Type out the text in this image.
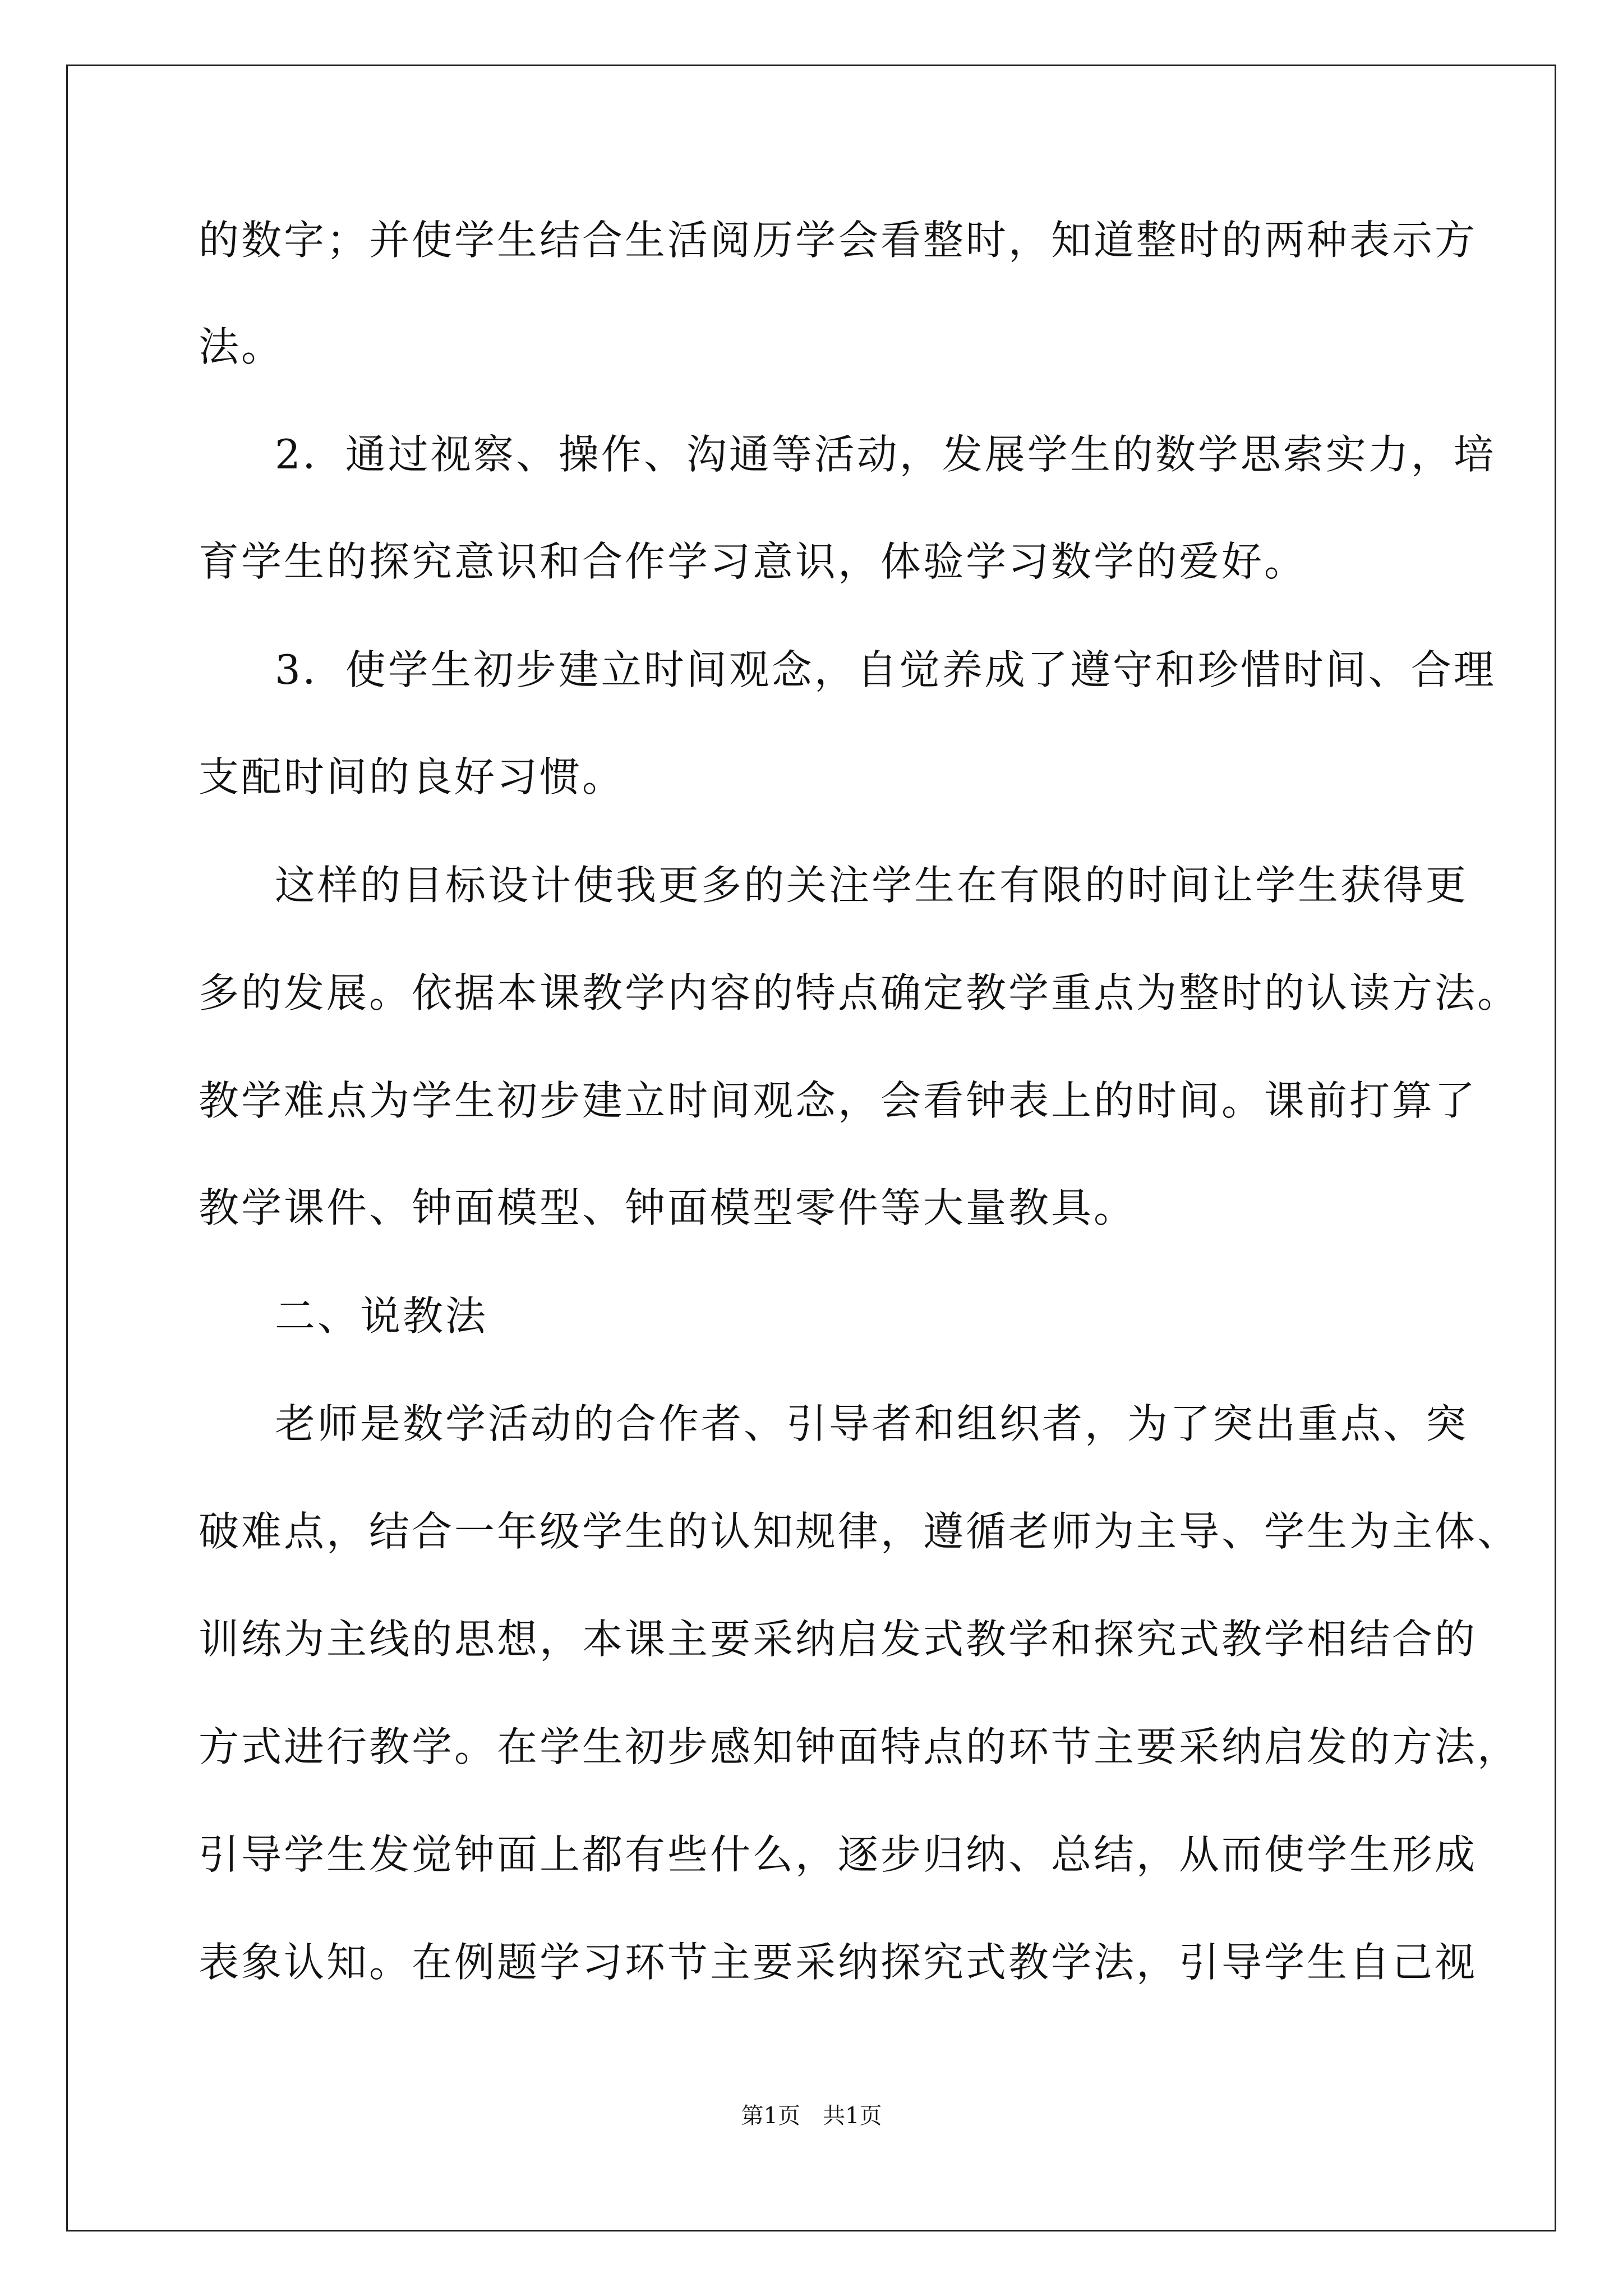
的数字；并使学生结合生活阅历学会看整时，知道整时的两种表示方
法。
2．通过视察、操作、沟通等活动，发展学生的数学思索实力，培
育学生的探究意识和合作学习意识，体验学习数学的爱好。
3．使学生初步建立时间观念，自觉养成了遵守和珍惜时间、合理
支配时间的良好习惯。
这样的目标设计使我更多的关注学生在有限的时间让学生获得更
多的发展。依据本课教学内容的特点确定教学重点为整时的认读方法。
教学难点为学生初步建立时间观念，会看钟表上的时间。课前打算了
教学课件、钟面模型、钟面模型零件等大量教具。
二、说教法
老师是数学活动的合作者、引导者和组织者，为了突出重点、突
破难点，结合一年级学生的认知规律，遵循老师为主导、学生为主体、
训练为主线的思想，本课主要采纳启发式教学和探究式教学相结合的
方式进行教学。在学生初步感知钟面特点的环节主要采纳启发的方法，
引导学生发觉钟面上都有些什么，逐步归纳、总结，从而使学生形成
表象认知。在例题学习环节主要采纳探究式教学法，引导学生自己视
第1页　共1页
